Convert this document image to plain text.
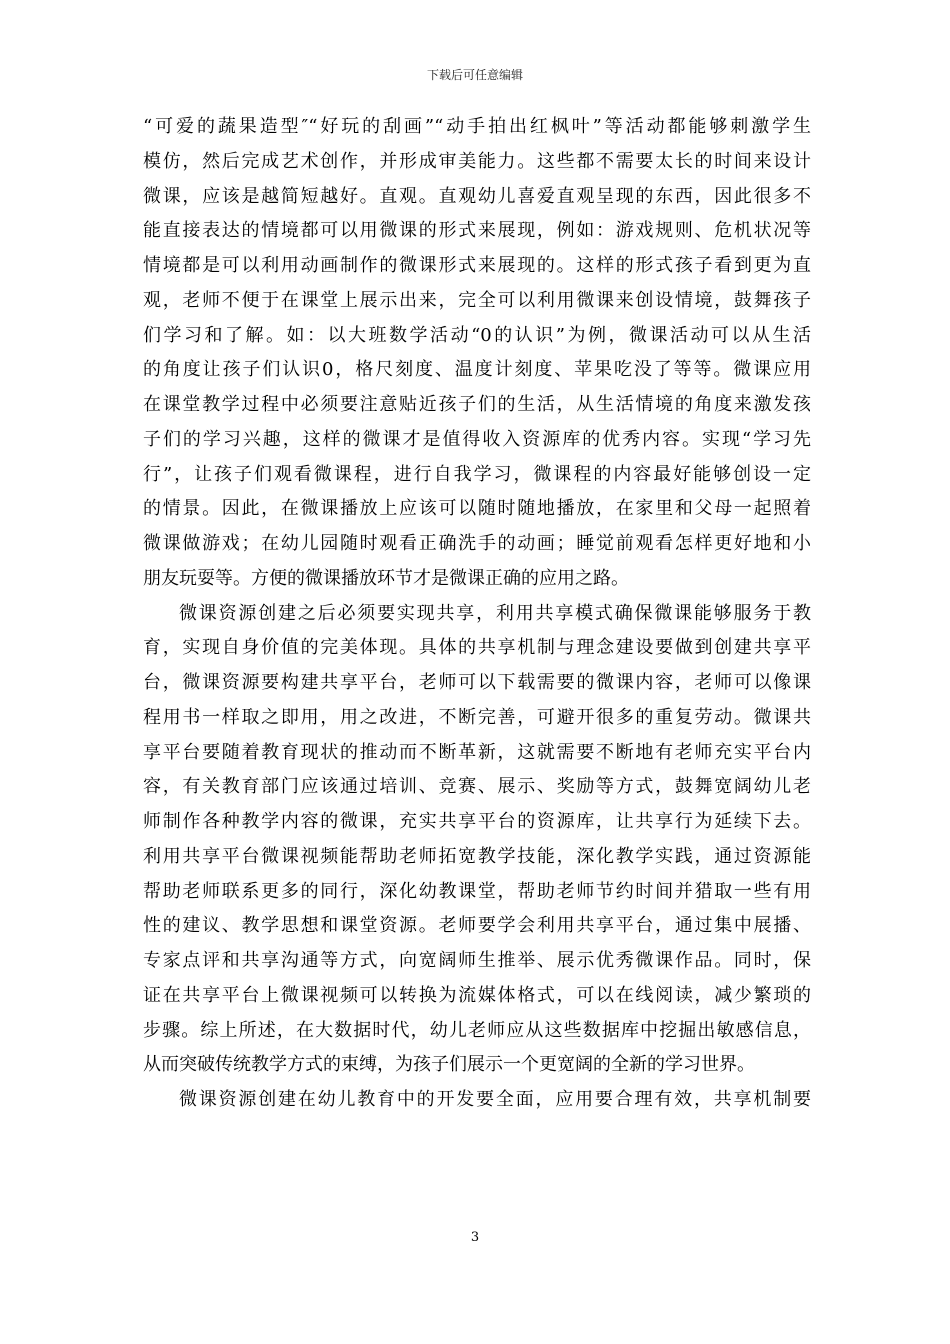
下载后可任意编辑
“可爱的蔬果造型″“好玩的刮画”“动手拍出红枫叶”等活动都能够刺激学生
模仿，然后完成艺术创作，并形成审美能力。这些都不需要太长的时间来设计
微课，应该是越简短越好。直观。直观幼儿喜爱直观呈现的东西，因此很多不
能直接表达的情境都可以用微课的形式来展现，例如：游戏规则、危机状况等
情境都是可以利用动画制作的微课形式来展现的。这样的形式孩子看到更为直
观，老师不便于在课堂上展示出来，完全可以利用微课来创设情境，鼓舞孩子
们学习和了解。如：以大班数学活动“0的认识”为例，微课活动可以从生活
的角度让孩子们认识0，格尺刻度、温度计刻度、苹果吃没了等等。微课应用
在课堂教学过程中必须要注意贴近孩子们的生活，从生活情境的角度来激发孩
子们的学习兴趣，这样的微课才是值得收入资源库的优秀内容。实现“学习先
行”，让孩子们观看微课程，进行自我学习，微课程的内容最好能够创设一定
的情景。因此，在微课播放上应该可以随时随地播放，在家里和父母一起照着
微课做游戏；在幼儿园随时观看正确洗手的动画；睡觉前观看怎样更好地和小
朋友玩耍等。方便的微课播放环节才是微课正确的应用之路。
微课资源创建之后必须要实现共享，利用共享模式确保微课能够服务于教
育，实现自身价值的完美体现。具体的共享机制与理念建设要做到创建共享平
台，微课资源要构建共享平台，老师可以下载需要的微课内容，老师可以像课
程用书一样取之即用，用之改进，不断完善，可避开很多的重复劳动。微课共
享平台要随着教育现状的推动而不断革新，这就需要不断地有老师充实平台内
容，有关教育部门应该通过培训、竞赛、展示、奖励等方式，鼓舞宽阔幼儿老
师制作各种教学内容的微课，充实共享平台的资源库，让共享行为延续下去。
利用共享平台微课视频能帮助老师拓宽教学技能，深化教学实践，通过资源能
帮助老师联系更多的同行，深化幼教课堂，帮助老师节约时间并猎取一些有用
性的建议、教学思想和课堂资源。老师要学会利用共享平台，通过集中展播、
专家点评和共享沟通等方式，向宽阔师生推举、展示优秀微课作品。同时，保
证在共享平台上微课视频可以转换为流媒体格式，可以在线阅读，减少繁琐的
步骤。综上所述，在大数据时代，幼儿老师应从这些数据库中挖掘出敏感信息，
从而突破传统教学方式的束缚，为孩子们展示一个更宽阔的全新的学习世界。
微课资源创建在幼儿教育中的开发要全面，应用要合理有效，共享机制要
3
